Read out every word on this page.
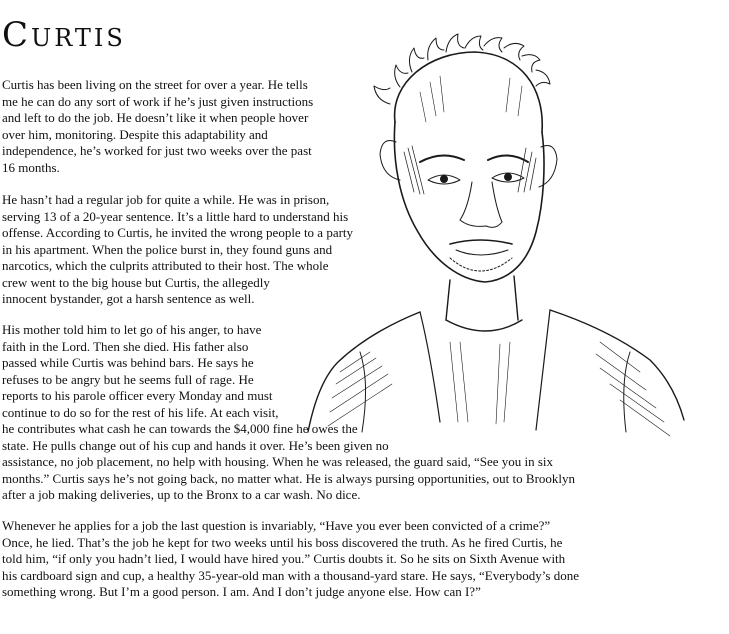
Curtis
Curtis has been living on the street for over a year. He tells
me he can do any sort of work if he’s just given instructions
and left to do the job. He doesn’t like it when people hover
over him, monitoring. Despite this adaptability and
independence, he’s worked for just two weeks over the past
16 months.
He hasn’t had a regular job for quite a while. He was in prison,
serving 13 of a 20-year sentence. It’s a little hard to understand his
offense. According to Curtis, he invited the wrong people to a party
in his apartment. When the police burst in, they found guns and
narcotics, which the culprits attributed to their host. The whole
crew went to the big house but Curtis, the allegedly
innocent bystander, got a harsh sentence as well.
His mother told him to let go of his anger, to have
faith in the Lord. Then she died. His father also
passed while Curtis was behind bars. He says he
refuses to be angry but he seems full of rage. He
reports to his parole officer every Monday and must
continue to do so for the rest of his life. At each visit,
he contributes what cash he can towards the $4,000 fine he owes the
state. He pulls change out of his cup and hands it over. He’s been given no
assistance, no job placement, no help with housing. When he was released, the guard said, “See you in six
months.” Curtis says he’s not going back, no matter what. He is always pursing opportunities, out to Brooklyn
after a job making deliveries, up to the Bronx to a car wash. No dice.
Whenever he applies for a job the last question is invariably, “Have you ever been convicted of a crime?”
Once, he lied. That’s the job he kept for two weeks until his boss discovered the truth. As he fired Curtis, he
told him, “if only you hadn’t lied, I would have hired you.” Curtis doubts it. So he sits on Sixth Avenue with
his cardboard sign and cup, a healthy 35-year-old man with a thousand-yard stare. He says, “Everybody’s done
something wrong. But I’m a good person. I am. And I don’t judge anyone else. How can I?”
